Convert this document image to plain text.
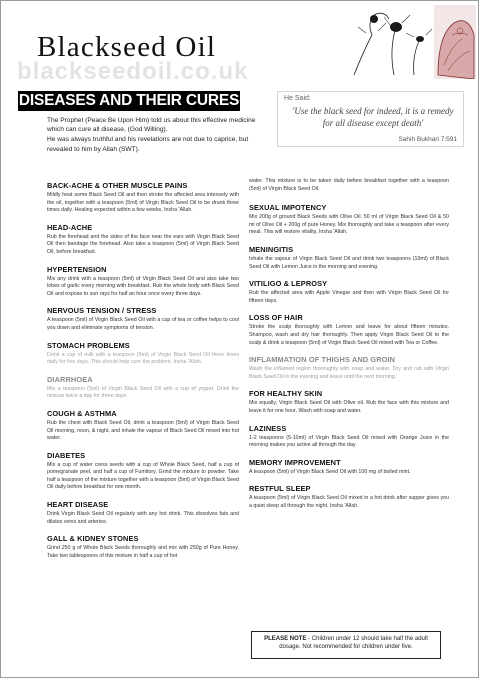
Blackseed Oil
blackseedoil.co.uk
DISEASES AND THEIR CURES	He Said:
'Use the black seed for indeed, it is a remedy for all disease except death'
Sahih Bukhari 7:591

The Prophet (Peace Be Upon Him) told us about this effective medicine which can cure all disease, (God Willing).

He was always truthful and his revelations are not due to caprice, but revealed to him by Allah (SWT).

BACK-ACHE & OTHER MUSCLE PAINS

Mildly heat some Black Seed Oil and then stroke the affected area intensely with the oil, together with a teaspoon (5ml) of Virgin Black Seed Oil to be drunk three times daily. Healing expected within a few weeks, Insha 'Allah.

HEAD-ACHE

Rub the forehead and the sides of the face near the ears with Virgin Black Seed Oil then bandage the forehead. Also take a teaspoon (5ml) of Virgin Black Seed Oil, before breakfast.

HYPERTENSION

Mix any drink with a teaspoon (5ml) of Virgin Black Seed Oil and also take two lobes of garlic every morning with breakfast. Rub the whole body with Black Seed Oil and expose to sun rays for half an hour once every three days.

NERVOUS TENSION / STRESS

A teaspoon (5ml) of Virgin Black Seed Oil with a cup of tea or coffee helps to cool you down and eliminate symptoms of tension.

STOMACH PROBLEMS

Drink a cup of milk with a teaspoon (5ml) of Virgin Black Seed Oil three times daily for five days. This should help cure the problem, Insha 'Allah.

DIARRHOEA

Mix a teaspoon (5ml) of Virgin Black Seed Oil with a cup of yogurt. Drink the mixture twice a day for three days.

COUGH & ASTHMA

Rub the chest with Black Seed Oil, drink a teaspoon (5ml) of Virgin Black Seed Oil morning, noon, & night, and inhale the vapour of Black Seed Oil mixed into hot water.

DIABETES

Mix a cup of water cress seeds with a cup of Whole Black Seed, half a cup of pomegranate peel, and half a cup of Fumitory. Grind the mixture to powder. Take half a teaspoon of the mixture together with a teaspoon (5ml) of Virgin Black Seed Oil daily before breakfast for one month.

HEART DISEASE

Drink Virgin Black Seed Oil regularly with any hot drink. This dissolves fats and dilates veins and arteries.

GALL & KIDNEY STONES

Grind 250 g of Whole Black Seeds thoroughly and mix with 250g of Pure Honey. Take two tablespoons of this mixture in half a cup of hot

water. This mixture is to be taken daily before breakfast together with a teaspoon (5ml) of Virgin Black Seed Oil.

SEXUAL IMPOTENCY

Mix 200g of ground Black Seeds with Olive Oil. 50 ml of Virgin Black Seed Oil & 50 ml of Olive Oil + 200g of pure Honey. Mix thoroughly and take a teaspoon after every meal. This will restore vitality, Insha 'Allah.

MENINGITIS

Inhale the vapour of Virgin Black Seed Oil and drink two teaspoons (10ml) of Black Seed Oil with Lemon Juice in the morning and evening.

VITILIGO & LEPROSY

Rub the affected area with Apple Vinegar and then with Virgin Black Seed Oil for fifteen days.

LOSS OF HAIR

Stroke the scalp thoroughly with Lemon and leave for about fifteen minutes. Shampoo, wash and dry hair thoroughly. Then apply Virgin Black Seed Oil to the scalp & drink a teaspoon (5ml) of Virgin Black Seed Oil mixed with Tea or Coffee.

INFLAMMATION OF THIGHS AND GROIN

Wash the inflamed region thoroughly with soap and water. Dry and rub with Virgin Black Seed Oil in the evening and leave until the next morning.

FOR HEALTHY SKIN

Mix equally, Virgin Black Seed Oil with Olive oil. Rub the face with this mixture and leave it for one hour. Wash with soap and water.

LAZINESS

1-2 teaspoons (5-10ml) of Virgin Black Seed Oil mixed with Orange Juice in the morning makes you active all through the day.

MEMORY IMPROVEMENT

A teaspoon (5ml) of Virgin Black Seed Oil with 100 mg of boiled mint.

RESTFUL SLEEP

A teaspoon (5ml) of Virgin Black Seed Oil mixed in a hot drink after supper gives you a quiet sleep all through the night. Insha 'Allah.

PLEASE NOTE - Children under 12 should take half the adult dosage. Not recommended for children under five.
